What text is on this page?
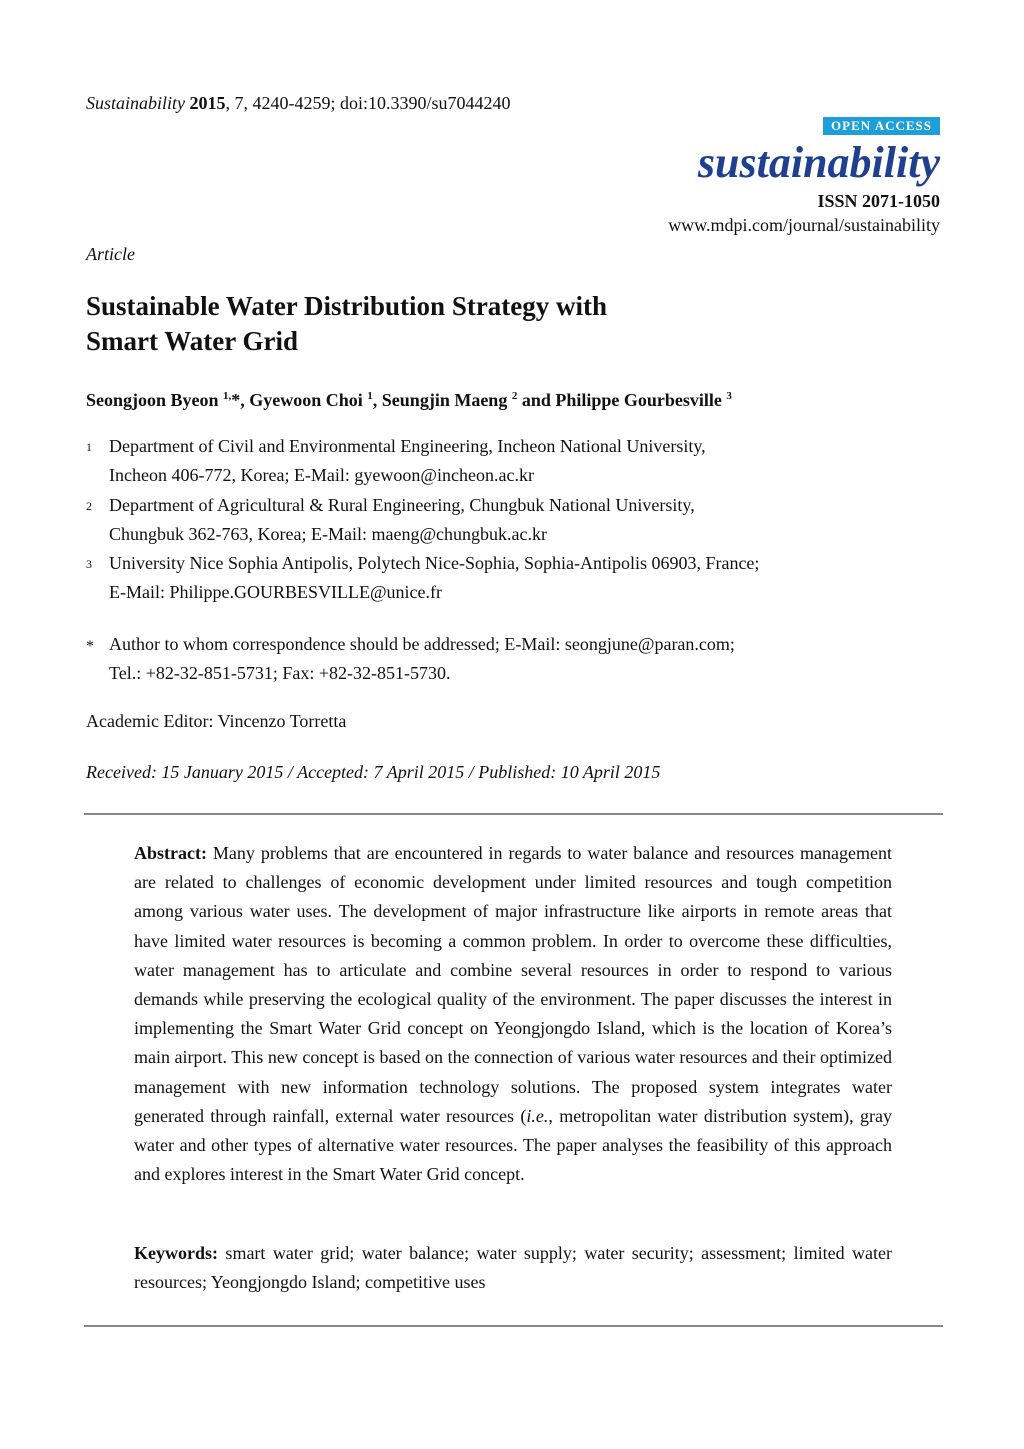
Sustainability 2015, 7, 4240-4259; doi:10.3390/su7044240
OPEN ACCESS
sustainability
ISSN 2071-1050
www.mdpi.com/journal/sustainability
Article
Sustainable Water Distribution Strategy with
Smart Water Grid
Seongjoon Byeon $^{1,}$*, Gyewoon Choi $^1$, Seungjin Maeng $^2$ and Philippe Gourbesville $^3$
1 Department of Civil and Environmental Engineering, Incheon National University,
Incheon 406-772, Korea; E-Mail: gyewoon@incheon.ac.kr
2 Department of Agricultural & Rural Engineering, Chungbuk National University,
Chungbuk 362-763, Korea; E-Mail: maeng@chungbuk.ac.kr
3 University Nice Sophia Antipolis, Polytech Nice-Sophia, Sophia-Antipolis 06903, France;
E-Mail: Philippe.GOURBESVILLE@unice.fr
* Author to whom correspondence should be addressed; E-Mail: seongjune@paran.com;
Tel.: +82-32-851-5731; Fax: +82-32-851-5730.
Academic Editor: Vincenzo Torretta
Received: 15 January 2015 / Accepted: 7 April 2015 / Published: 10 April 2015
Abstract: Many problems that are encountered in regards to water balance and resources management are related to challenges of economic development under limited resources and tough competition among various water uses. The development of major infrastructure like airports in remote areas that have limited water resources is becoming a common problem. In order to overcome these difficulties, water management has to articulate and combine several resources in order to respond to various demands while preserving the ecological quality of the environment. The paper discusses the interest in implementing the Smart Water Grid concept on Yeongjongdo Island, which is the location of Korea’s main airport. This new concept is based on the connection of various water resources and their optimized management with new information technology solutions. The proposed system integrates water generated through rainfall, external water resources (i.e., metropolitan water distribution system), gray water and other types of alternative water resources. The paper analyses the feasibility of this approach and explores interest in the Smart Water Grid concept.
Keywords: smart water grid; water balance; water supply; water security; assessment; limited water resources; Yeongjongdo Island; competitive uses
